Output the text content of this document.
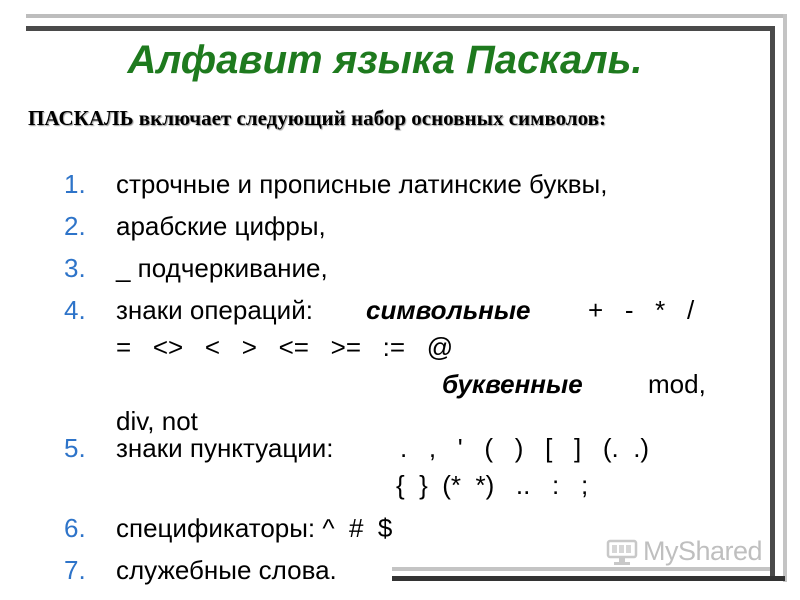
Алфавит языка Паскаль.
ПАСКАЛЬ включает следующий набор основных символов:
1. строчные и прописные латинские буквы,
2. арабские цифры,
3. _ подчеркивание,
4. знаки операций: символьные +   -   *   /
=   <>   <   >   <=   >=   :=   @
буквенные	mod,
div, not
5. знаки пунктуации:	.   ,   '   (   )   [   ]   (.  .)
{  }  (*  *)   ..   :   ;
6. спецификаторы: ^  #  $
7. служебные слова.
MyShared
